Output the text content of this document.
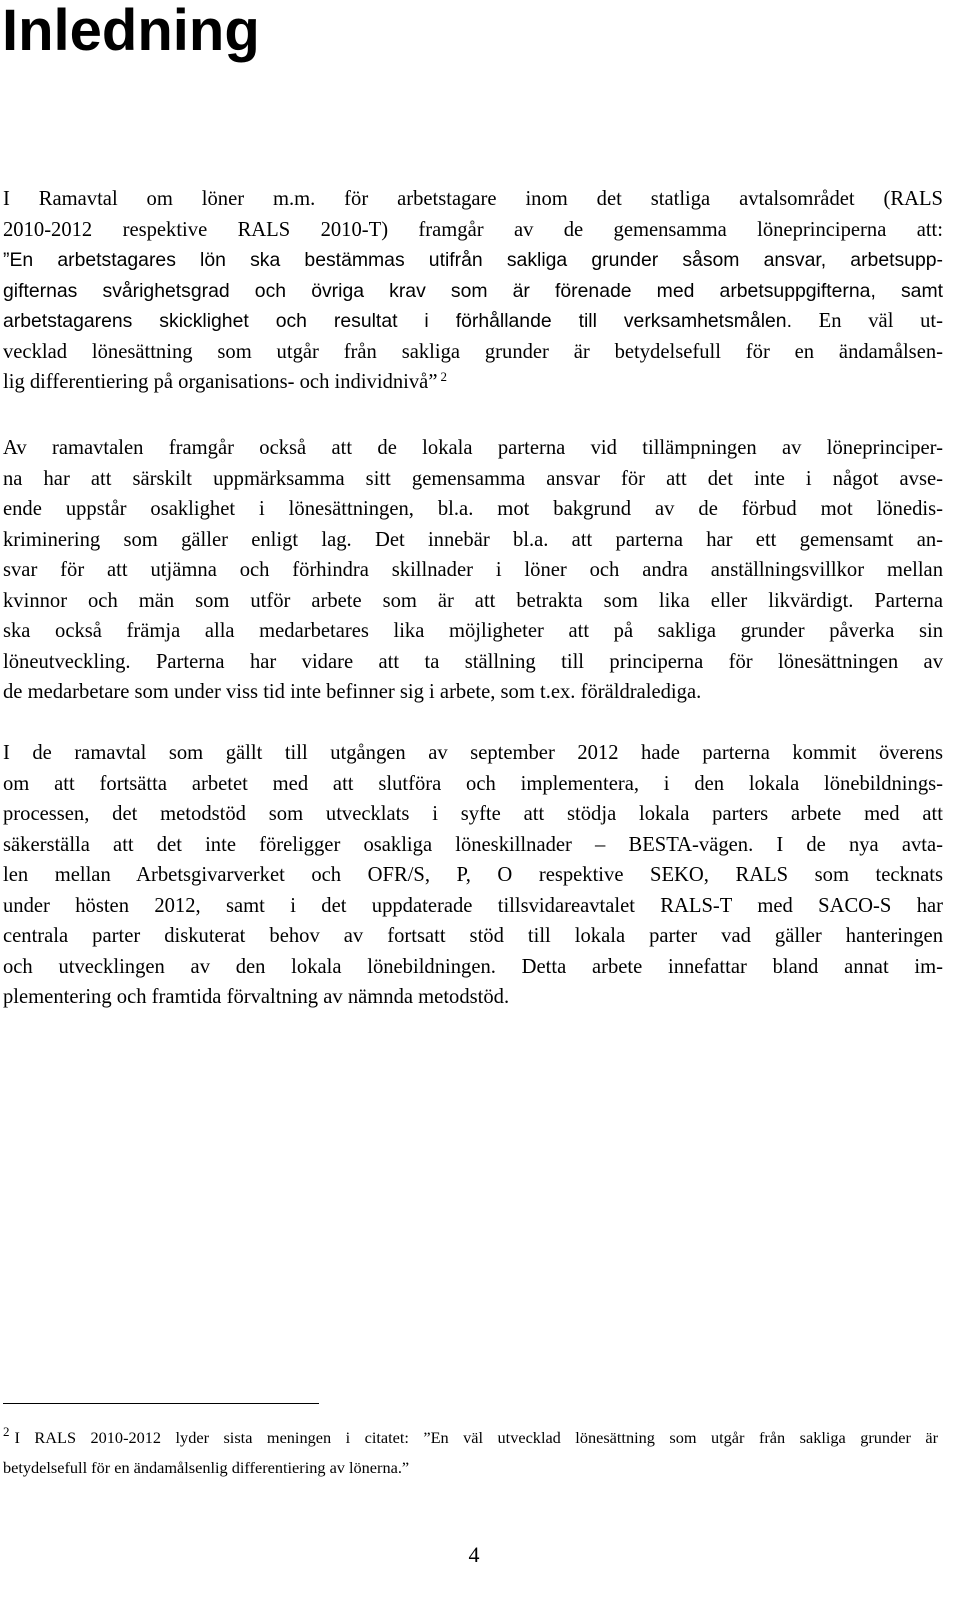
Inledning

I Ramavtal om löner m.m. för arbetstagare inom det statliga avtalsområdet (RALS
2010-2012 respektive RALS 2010-T) framgår av de gemensamma löneprinciperna att:
”En arbetstagares lön ska bestämmas utifrån sakliga grunder såsom ansvar, arbetsupp-
gifternas svårighetsgrad och övriga krav som är förenade med arbetsuppgifterna, samt
arbetstagarens skicklighet och resultat i förhållande till verksamhetsmålen. En väl ut-
vecklad lönesättning som utgår från sakliga grunder är betydelsefull för en ändamålsen-
lig differentiering på organisations- och individnivå” $^2$

Av ramavtalen framgår också att de lokala parterna vid tillämpningen av löneprinciper-
na har att särskilt uppmärksamma sitt gemensamma ansvar för att det inte i något avse-
ende uppstår osaklighet i lönesättningen, bl.a. mot bakgrund av de förbud mot lönedis-
kriminering som gäller enligt lag. Det innebär bl.a. att parterna har ett gemensamt an-
svar för att utjämna och förhindra skillnader i löner och andra anställningsvillkor mellan
kvinnor och män som utför arbete som är att betrakta som lika eller likvärdigt. Parterna
ska också främja alla medarbetares lika möjligheter att på sakliga grunder påverka sin
löneutveckling. Parterna har vidare att ta ställning till principerna för lönesättningen av
de medarbetare som under viss tid inte befinner sig i arbete, som t.ex. föräldralediga.

I de ramavtal som gällt till utgången av september 2012 hade parterna kommit överens
om att fortsätta arbetet med att slutföra och implementera, i den lokala lönebildnings-
processen, det metodstöd som utvecklats i syfte att stödja lokala parters arbete med att
säkerställa att det inte föreligger osakliga löneskillnader – BESTA-vägen. I de nya avta-
len mellan Arbetsgivarverket och OFR/S, P, O respektive SEKO, RALS som tecknats
under hösten 2012, samt i det uppdaterade tillsvidareavtalet RALS-T med SACO-S har
centrala parter diskuterat behov av fortsatt stöd till lokala parter vad gäller hanteringen
och utvecklingen av den lokala lönebildningen. Detta arbete innefattar bland annat im-
plementering och framtida förvaltning av nämnda metodstöd.

$^2$ I RALS 2010-2012 lyder sista meningen i citatet: ”En väl utvecklad lönesättning som utgår från sakliga grunder är
betydelsefull för en ändamålsenlig differentiering av lönerna.”
4
